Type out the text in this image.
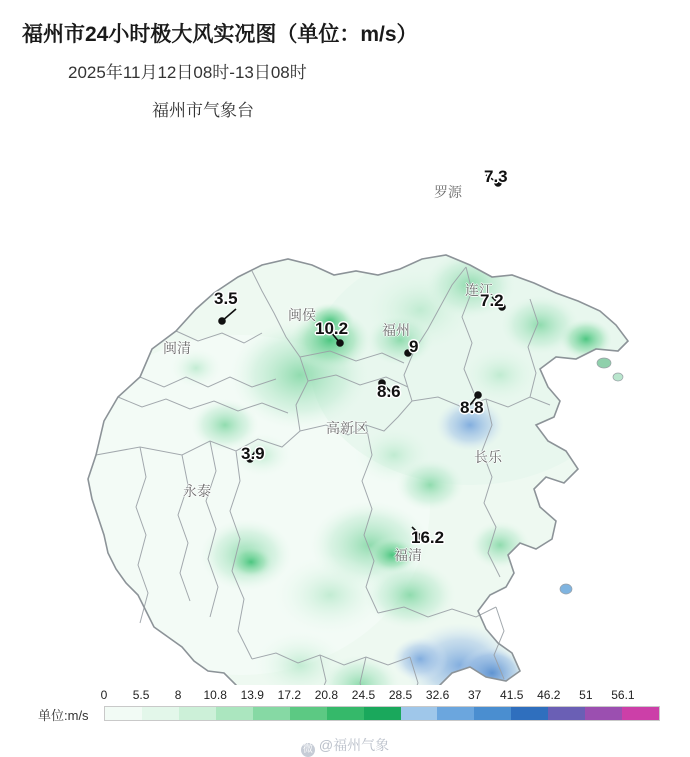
福州市24小时极大风实况图（单位：m/s）
2025年11月12日08时-13日08时
福州市气象台
罗源
连江
闽侯
闽清
福州
高新区
长乐
永泰
福清
7.3
7.2
3.5
10.2
9
8.6
8.8
3.9
16.2
单位:m/s
0 5.5 8 10.8 13.9 17.2 20.8 24.5 28.5 32.6 37 41.5 46.2 51 56.1
微 @福州气象
